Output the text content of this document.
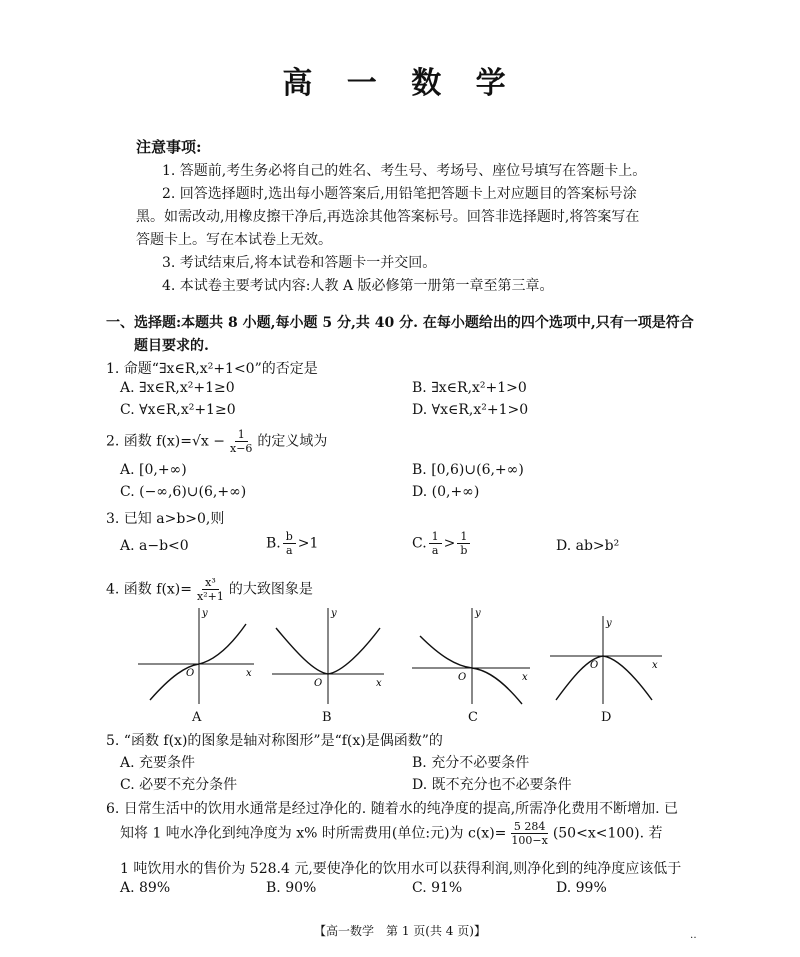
高 一 数 学
注意事项:
1. 答题前,考生务必将自己的姓名、考生号、考场号、座位号填写在答题卡上。
2. 回答选择题时,选出每小题答案后,用铅笔把答题卡上对应题目的答案标号涂
黑。如需改动,用橡皮擦干净后,再选涂其他答案标号。回答非选择题时,将答案写在
答题卡上。写在本试卷上无效。
3. 考试结束后,将本试卷和答题卡一并交回。
4. 本试卷主要考试内容:人教 A 版必修第一册第一章至第三章。
一、选择题:本题共 8 小题,每小题 5 分,共 40 分. 在每小题给出的四个选项中,只有一项是符合
题目要求的.
1. 命题“∃x∈R,x²+1<0”的否定是
A. ∃x∈R,x²+1≥0	B. ∃x∈R,x²+1>0
C. ∀x∈R,x²+1≥0	D. ∀x∈R,x²+1>0
2. 函数 $f(x)=√x - \frac{1}{x-6}$ 的定义域为
A. [0,+∞)	B. [0,6)∪(6,+∞)
C. (−∞,6)∪(6,+∞)	D. (0,+∞)
3. 已知 a>b>0,则
A. a−b<0	B. $\frac{b}{a} >1$	C. $\frac{1}{a} > \frac{1}{b}$	D. ab>b²
4. 函数 $f(x)= \frac{\text{x³}}{\text{x²+1}}$ 的大致图象是
y
x
O
A
y
x
O
B
y
x
O
C
y
x
O
D
5. “函数 f(x)的图象是轴对称图形”是“f(x)是偶函数”的
A. 充要条件	B. 充分不必要条件
C. 必要不充分条件	D. 既不充分也不必要条件
6. 日常生活中的饮用水通常是经过净化的. 随着水的纯净度的提高,所需净化费用不断增加. 已
知将 1 吨水净化到纯净度为 x% 时所需费用(单位:元)为 $c(x)= \frac{5 284}{100-x} (50<x<100)$. 若
1 吨饮用水的售价为 528.4 元,要使净化的饮用水可以获得利润,则净化到的纯净度应该低于
A. 89%	B. 90%	C. 91%	D. 99%
【高一数学　第 1 页(共 4 页)】	‥
